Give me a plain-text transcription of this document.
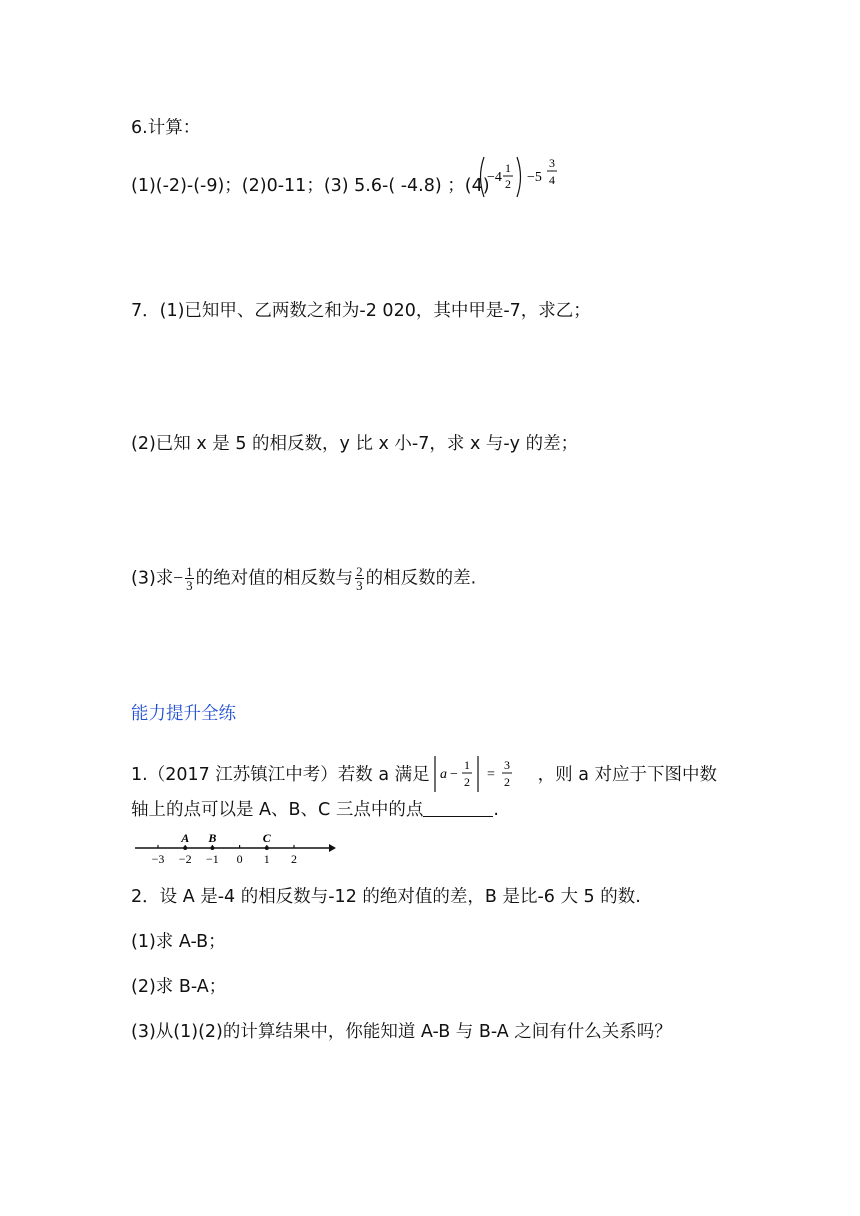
6.计算：
(1)(-2)-(-9)；(2)0-11；(3) 5.6-( -4.8) ；(4)
−4
1
2 −5
3
4
7．(1)已知甲、乙两数之和为-2 020，其中甲是-7，求乙；
(2)已知 x 是 5 的相反数，y 比 x 小-7，求 x 与-y 的差；
(3)求− $\frac{1}{3}$ 的绝对值的相反数与 $\frac{2}{3}$ 的相反数的差.
能力提升全练
1.（2017 江苏镇江中考）若数 a 满足 a −
1
2 =
3
2 ，则 a 对应于下图中数
轴上的点可以是 A、B、C 三点中的点	.
−3 −2 −1 0 1 2
A B	C
2．设 A 是-4 的相反数与-12 的绝对值的差，B 是比-6 大 5 的数.
(1)求 A-B；
(2)求 B-A；
(3)从(1)(2)的计算结果中，你能知道 A-B 与 B-A 之间有什么关系吗？
